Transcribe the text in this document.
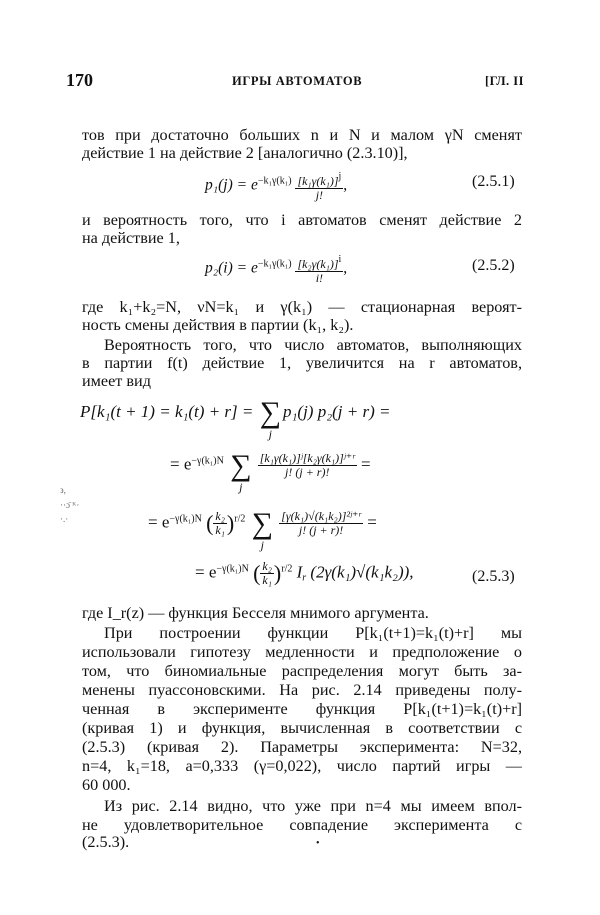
170	ИГРЫ АВТОМАТОВ	[ГЛ. II
тов при достаточно больших n и N и малом γN сменят
действие 1 на действие 2 [аналогично (2.3.10)],
$p_1(j) = e^{-k_1\gamma(k_1)} \frac{[k_1\gamma(k_1)]^j}{j!}$ ,	(2.5.1)
и вероятность того, что i автоматов сменят действие 2
на действие 1,
$p_2(i) = e^{-k_1\gamma(k_1)} \frac{[k_2\gamma(k_1)]^i}{i!}$ ,	(2.5.2)
где k₁+k₂=N, νN=k₁ и γ(k₁) — стационарная вероят-
ность смены действия в партии (k₁, k₂).
Вероятность того, что число автоматов, выполняющих
в партии f(t) действие 1, увеличится на r автоматов,
имеет вид
P[k₁(t + 1) = k₁(t) + r] = ∑
j
p₁(j) p₂(j + r) =
= $e^{-\gamma(k_1)N}$ ∑
j

$\frac{\text{[k₁γ(k₁)]ʲ[k₂γ(k₁)]ʲ⁺ʳ}}{j! (j + r)!}$ =
= $e^{-\gamma(k_1)N}$ ( $\frac{\text{k₂}}{\text{k₁}} )^{r/2}$ ∑
j

$\frac{\text{[γ(k₁)√(k₁k₂)]²ʲ⁺ʳ}}{j! (j + r)!}$ =
= $e^{-\gamma(k_1)N}$ ( $\frac{\text{k₂}}{\text{k₁}} )^{r/2}$ $I_r$ (2γ(k₁)√(k₁k₂)),	(2.5.3)
϶,
··ɔ̈ ᴷ·
·.·
где I_r(z) — функция Бесселя мнимого аргумента.
При построении функции P[k₁(t+1)=k₁(t)+r] мы
использовали гипотезу медленности и предположение о
том, что биномиальные распределения могут быть за-
менены пуассоновскими. На рис. 2.14 приведены полу-
ченная в эксперименте функция P[k₁(t+1)=k₁(t)+r]
(кривая 1) и функция, вычисленная в соответствии с
(2.5.3) (кривая 2). Параметры эксперимента: N=32,
n=4, k₁=18, a=0,333 (γ=0,022), число партий игры —
60 000.
Из рис. 2.14 видно, что уже при n=4 мы имеем впол-
не удовлетворительное совпадение эксперимента с
(2.5.3).	•
